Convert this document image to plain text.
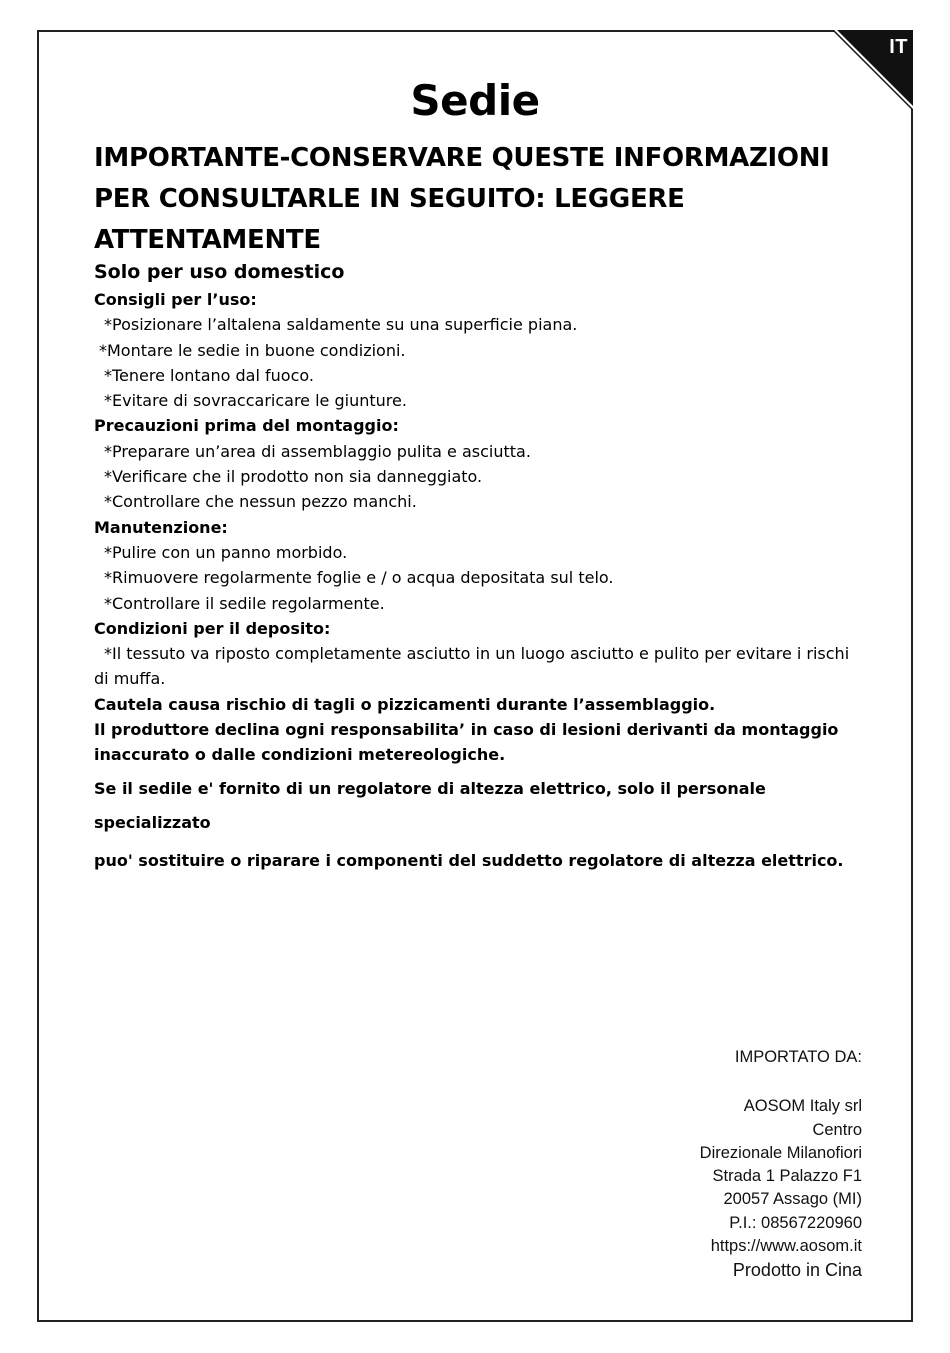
IT
Sedie
IMPORTANTE-CONSERVARE QUESTE INFORMAZIONI PER CONSULTARLE IN SEGUITO: LEGGERE ATTENTAMENTE
Solo per uso domestico
Consigli per l’uso:
*Posizionare l’altalena saldamente su una superficie piana.
*Montare le sedie in buone condizioni.
*Tenere lontano dal fuoco.
*Evitare di sovraccaricare le giunture.
Precauzioni prima del montaggio:
*Preparare un’area di assemblaggio pulita e asciutta.
*Verificare che il prodotto non sia danneggiato.
*Controllare che nessun pezzo manchi.
Manutenzione:
*Pulire con un panno morbido.
*Rimuovere regolarmente foglie e / o acqua depositata sul telo.
*Controllare il sedile regolarmente.
Condizioni per il deposito:
*Il tessuto va riposto completamente asciutto in un luogo asciutto e pulito per evitare i rischi di muffa.
Cautela causa rischio di tagli o pizzicamenti durante l’assemblaggio.
Il produttore declina ogni responsabilita’ in caso di lesioni derivanti da montaggio inaccurato o dalle condizioni metereologiche.
Se il sedile e' fornito di un regolatore di altezza elettrico, solo il personale specializzato
puo' sostituire o riparare i componenti del suddetto regolatore di altezza elettrico.
IMPORTATO DA:
AOSOM Italy srl
Centro
Direzionale Milanofiori
Strada 1 Palazzo F1
20057 Assago (MI)
P.I.: 08567220960
https://www.aosom.it
Prodotto in Cina
